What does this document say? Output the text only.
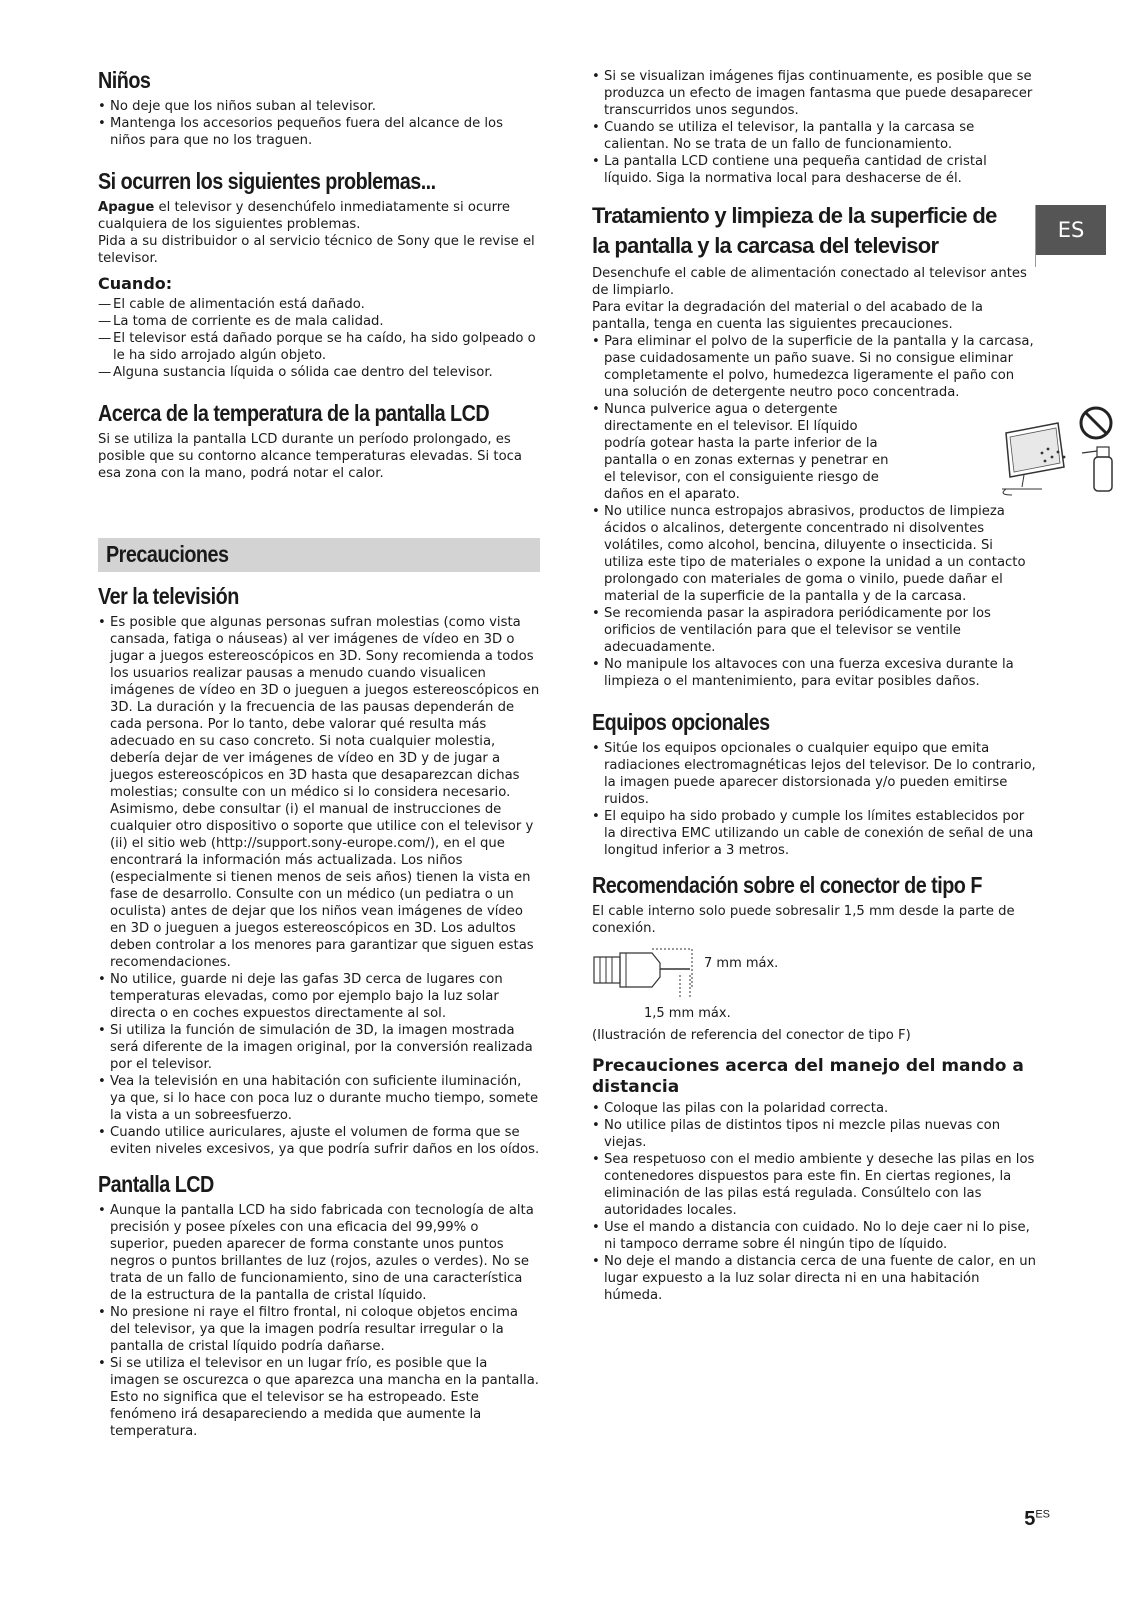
Niños
• No deje que los niños suban al televisor.
• Mantenga los accesorios pequeños fuera del alcance de los niños para que no los traguen.
Si ocurren los siguientes problemas...

Apague el televisor y desenchúfelo inmediatamente si ocurre cualquiera de los siguientes problemas.

Pida a su distribuidor o al servicio técnico de Sony que le revise el televisor.

Cuando:
— El cable de alimentación está dañado.
— La toma de corriente es de mala calidad.
— El televisor está dañado porque se ha caído, ha sido golpeado o le ha sido arrojado algún objeto.
— Alguna sustancia líquida o sólida cae dentro del televisor.
Acerca de la temperatura de la pantalla LCD

Si se utiliza la pantalla LCD durante un período prolongado, es posible que su contorno alcance temperaturas elevadas. Si toca esa zona con la mano, podrá notar el calor.

Precauciones
Ver la televisión
• Es posible que algunas personas sufran molestias (como vista cansada, fatiga o náuseas) al ver imágenes de vídeo en 3D o jugar a juegos estereoscópicos en 3D. Sony recomienda a todos los usuarios realizar pausas a menudo cuando visualicen imágenes de vídeo en 3D o jueguen a juegos estereoscópicos en 3D. La duración y la frecuencia de las pausas dependerán de cada persona. Por lo tanto, debe valorar qué resulta más adecuado en su caso concreto. Si nota cualquier molestia, debería dejar de ver imágenes de vídeo en 3D y de jugar a juegos estereoscópicos en 3D hasta que desaparezcan dichas molestias; consulte con un médico si lo considera necesario. Asimismo, debe consultar (i) el manual de instrucciones de cualquier otro dispositivo o soporte que utilice con el televisor y (ii) el sitio web (http://support.sony-europe.com/), en el que encontrará la información más actualizada. Los niños (especialmente si tienen menos de seis años) tienen la vista en fase de desarrollo. Consulte con un médico (un pediatra o un oculista) antes de dejar que los niños vean imágenes de vídeo en 3D o jueguen a juegos estereoscópicos en 3D. Los adultos deben controlar a los menores para garantizar que siguen estas recomendaciones.
• No utilice, guarde ni deje las gafas 3D cerca de lugares con temperaturas elevadas, como por ejemplo bajo la luz solar directa o en coches expuestos directamente al sol.
• Si utiliza la función de simulación de 3D, la imagen mostrada será diferente de la imagen original, por la conversión realizada por el televisor.
• Vea la televisión en una habitación con suficiente iluminación, ya que, si lo hace con poca luz o durante mucho tiempo, somete la vista a un sobreesfuerzo.
• Cuando utilice auriculares, ajuste el volumen de forma que se eviten niveles excesivos, ya que podría sufrir daños en los oídos.
Pantalla LCD
• Aunque la pantalla LCD ha sido fabricada con tecnología de alta precisión y posee píxeles con una eficacia del 99,99% o superior, pueden aparecer de forma constante unos puntos negros o puntos brillantes de luz (rojos, azules o verdes). No se trata de un fallo de funcionamiento, sino de una característica de la estructura de la pantalla de cristal líquido.
• No presione ni raye el filtro frontal, ni coloque objetos encima del televisor, ya que la imagen podría resultar irregular o la pantalla de cristal líquido podría dañarse.
• Si se utiliza el televisor en un lugar frío, es posible que la imagen se oscurezca o que aparezca una mancha en la pantalla. Esto no significa que el televisor se ha estropeado. Este fenómeno irá desapareciendo a medida que aumente la temperatura.
• Si se visualizan imágenes fijas continuamente, es posible que se produzca un efecto de imagen fantasma que puede desaparecer transcurridos unos segundos.
• Cuando se utiliza el televisor, la pantalla y la carcasa se calientan. No se trata de un fallo de funcionamiento.
• La pantalla LCD contiene una pequeña cantidad de cristal líquido. Siga la normativa local para deshacerse de él.
Tratamiento y limpieza de la superficie de la pantalla y la carcasa del televisor

Desenchufe el cable de alimentación conectado al televisor antes de limpiarlo.

Para evitar la degradación del material o del acabado de la pantalla, tenga en cuenta las siguientes precauciones.

• Para eliminar el polvo de la superficie de la pantalla y la carcasa, pase cuidadosamente un paño suave. Si no consigue eliminar completamente el polvo, humedezca ligeramente el paño con una solución de detergente neutro poco concentrada.
• Nunca pulverice agua o detergente directamente en el televisor. El líquido podría gotear hasta la parte inferior de la pantalla o en zonas externas y penetrar en el televisor, con el consiguiente riesgo de daños en el aparato.
• No utilice nunca estropajos abrasivos, productos de limpieza ácidos o alcalinos, detergente concentrado ni disolventes volátiles, como alcohol, bencina, diluyente o insecticida. Si utiliza este tipo de materiales o expone la unidad a un contacto prolongado con materiales de goma o vinilo, puede dañar el material de la superficie de la pantalla y de la carcasa.
• Se recomienda pasar la aspiradora periódicamente por los orificios de ventilación para que el televisor se ventile adecuadamente.
• No manipule los altavoces con una fuerza excesiva durante la limpieza o el mantenimiento, para evitar posibles daños.
Equipos opcionales
• Sitúe los equipos opcionales o cualquier equipo que emita radiaciones electromagnéticas lejos del televisor. De lo contrario, la imagen puede aparecer distorsionada y/o pueden emitirse ruidos.
• El equipo ha sido probado y cumple los límites establecidos por la directiva EMC utilizando un cable de conexión de señal de una longitud inferior a 3 metros.
Recomendación sobre el conector de tipo F

El cable interno solo puede sobresalir 1,5 mm desde la parte de conexión.

7 mm máx.
1,5 mm máx.

(Ilustración de referencia del conector de tipo F)

Precauciones acerca del manejo del mando a distancia
• Coloque las pilas con la polaridad correcta.
• No utilice pilas de distintos tipos ni mezcle pilas nuevas con viejas.
• Sea respetuoso con el medio ambiente y deseche las pilas en los contenedores dispuestos para este fin. En ciertas regiones, la eliminación de las pilas está regulada. Consúltelo con las autoridades locales.
• Use el mando a distancia con cuidado. No lo deje caer ni lo pise, ni tampoco derrame sobre él ningún tipo de líquido.
• No deje el mando a distancia cerca de una fuente de calor, en un lugar expuesto a la luz solar directa ni en una habitación húmeda.
ES
$5^{ES}$
